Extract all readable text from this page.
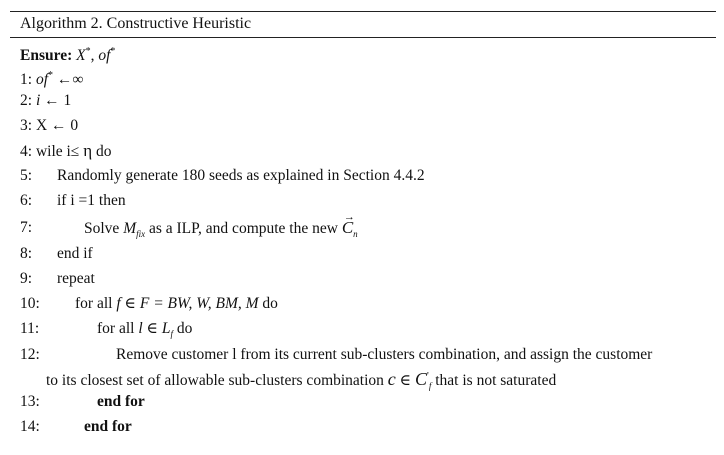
Algorithm 2. Constructive Heuristic
Ensure: X*, of*
1: of* ←∞
2: i ← 1
3: X ← 0
4: wile i≤ η do
5: Randomly generate 180 seeds as explained in Section 4.4.2
6: if i =1 then
7:	Solve $M_{fix}$ as a ILP, and compute the new → $C_n$
8: end if
9: repeat
10: for all f ∈ F = BW, W, BM, M do
11:	for all l ∈ $L_f$ do
12:	Remove customer l from its current sub-clusters combination, and assign the customer
to its closest set of allowable sub-clusters combination c ∈ $C'_f$ that is not saturated
13:	end for
14:	end for
